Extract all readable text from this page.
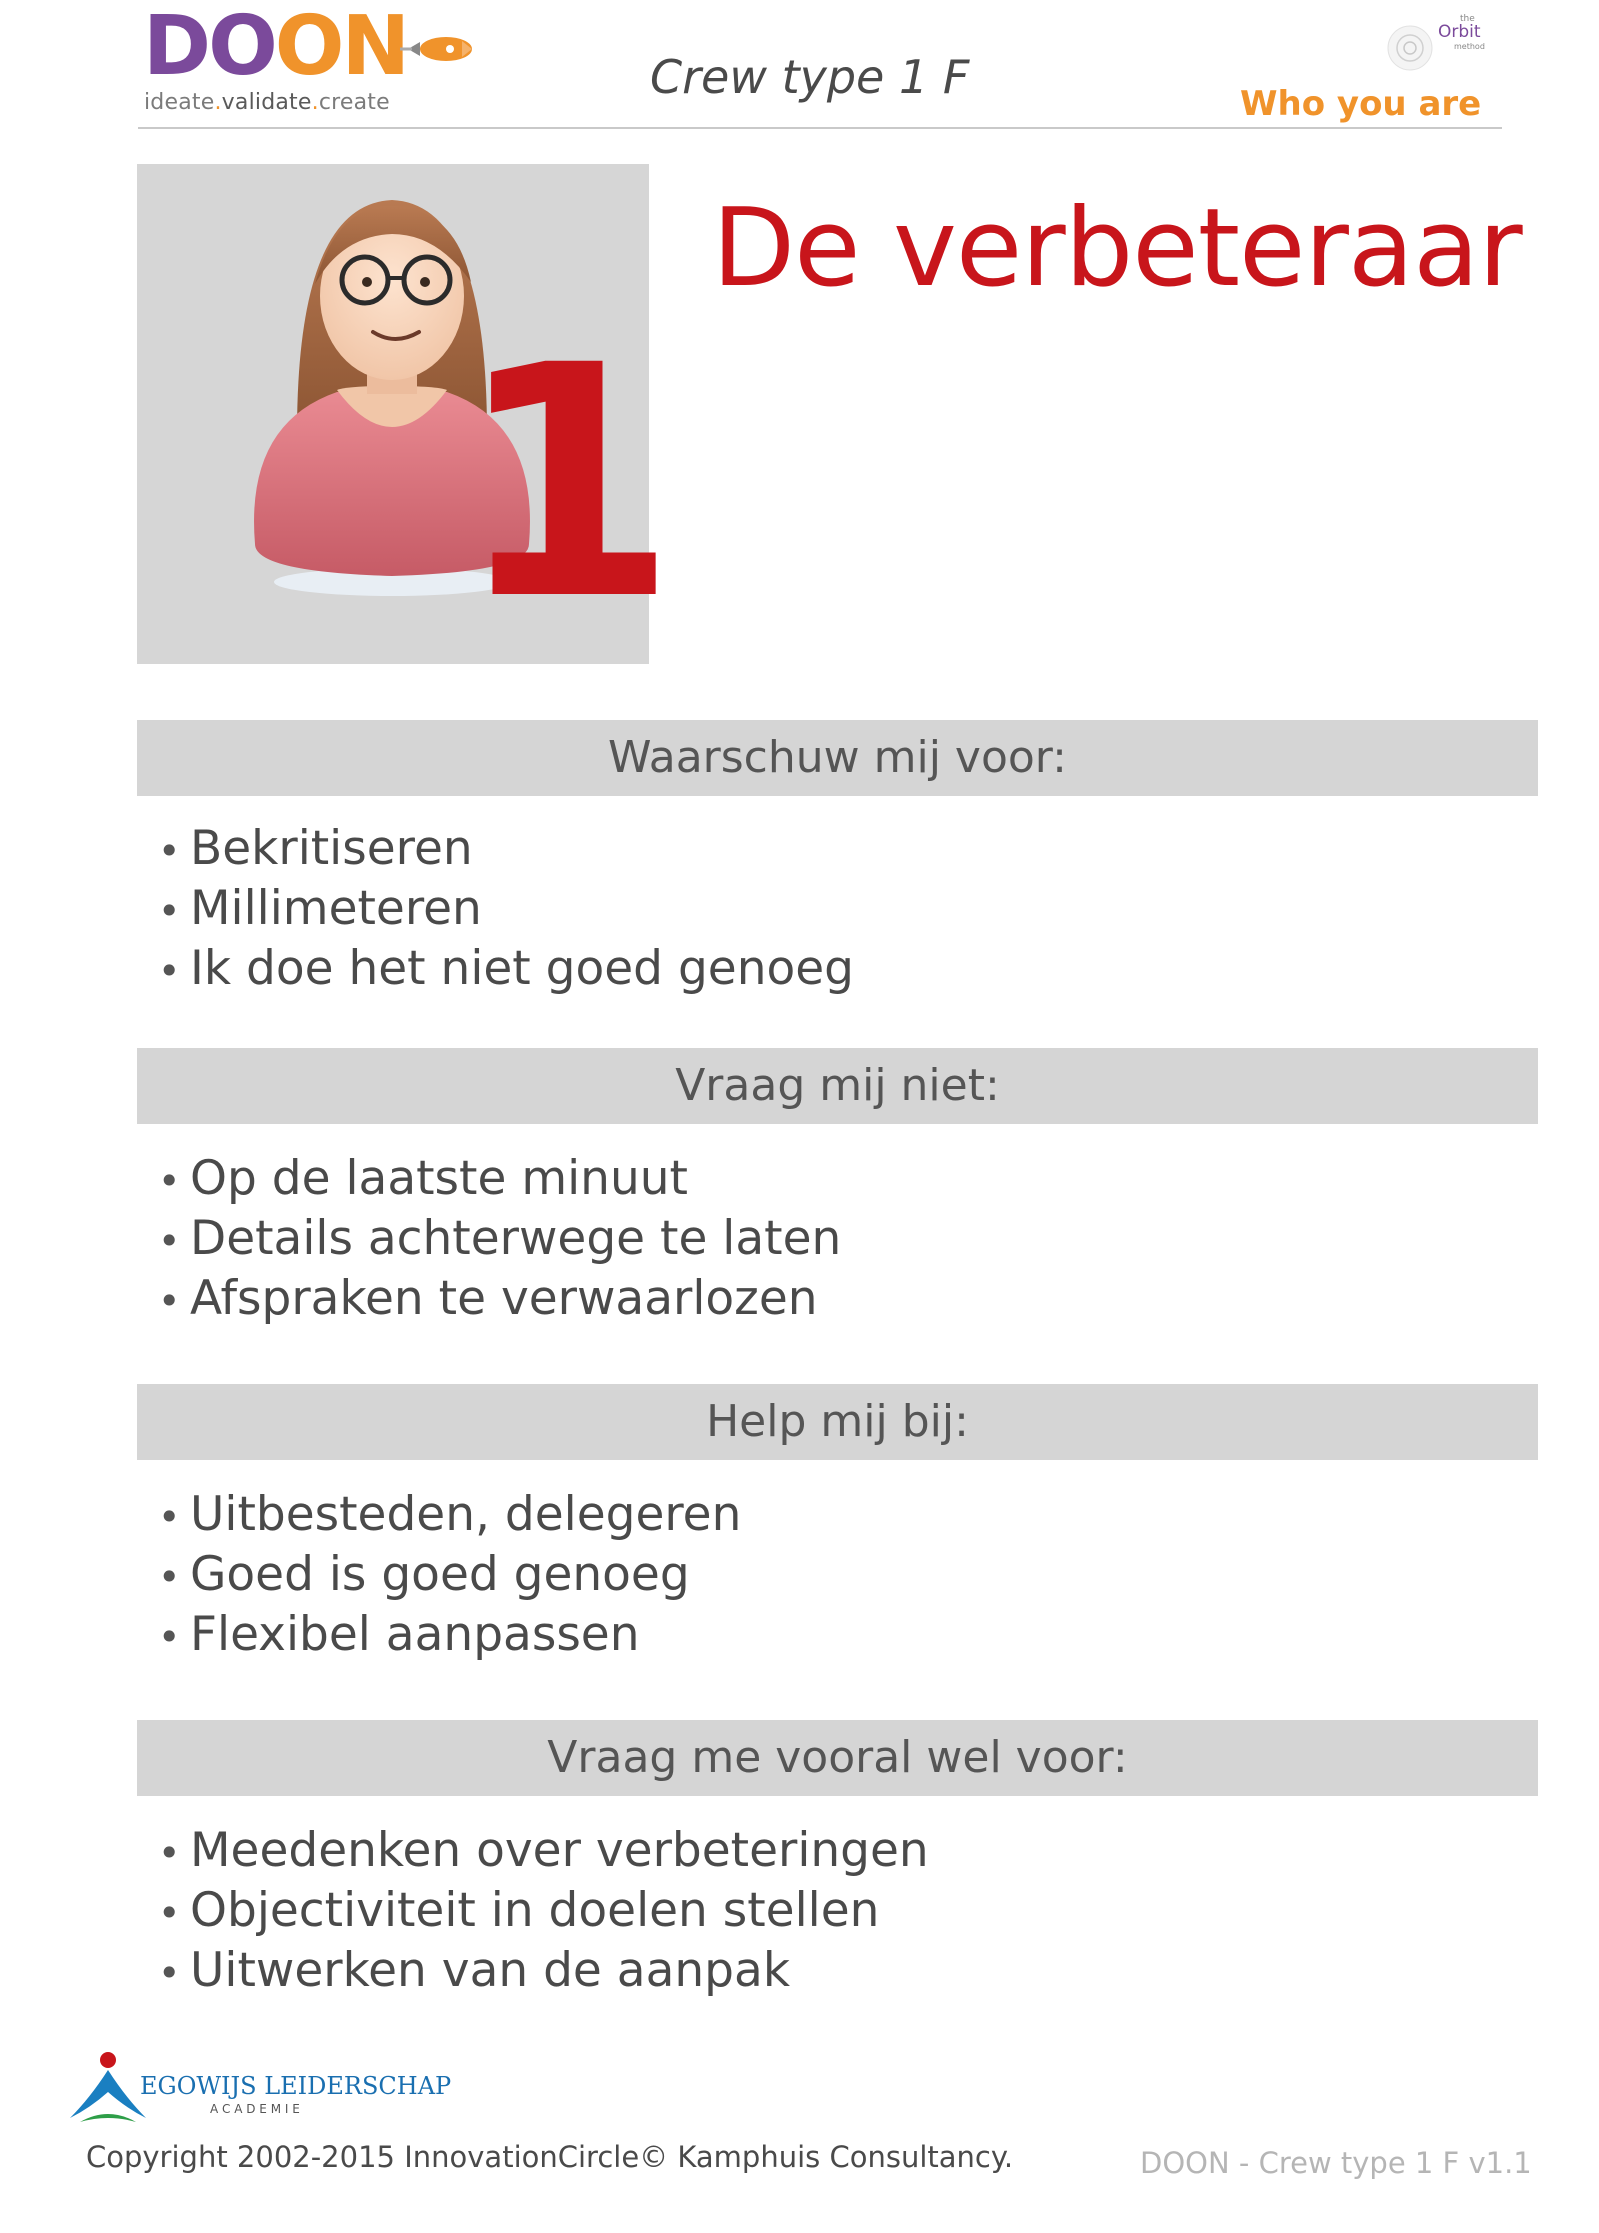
DOON
ideate.validate.create	Crew type 1 F
the
Orbit
method
Who you are
1
De verbeteraar
Waarschuw mij voor:
• Bekritiseren
• Millimeteren
• Ik doe het niet goed genoeg
Vraag mij niet:
• Op de laatste minuut
• Details achterwege te laten
• Afspraken te verwaarlozen
Help mij bij:
• Uitbesteden, delegeren
• Goed is goed genoeg
• Flexibel aanpassen
Vraag me vooral wel voor:
• Meedenken over verbeteringen
• Objectiviteit in doelen stellen
• Uitwerken van de aanpak
EGOWIJS LEIDERSCHAP
A C A D E M I E
Copyright 2002-2015 InnovationCircle© Kamphuis Consultancy.	DOON - Crew type 1 F v1.1
